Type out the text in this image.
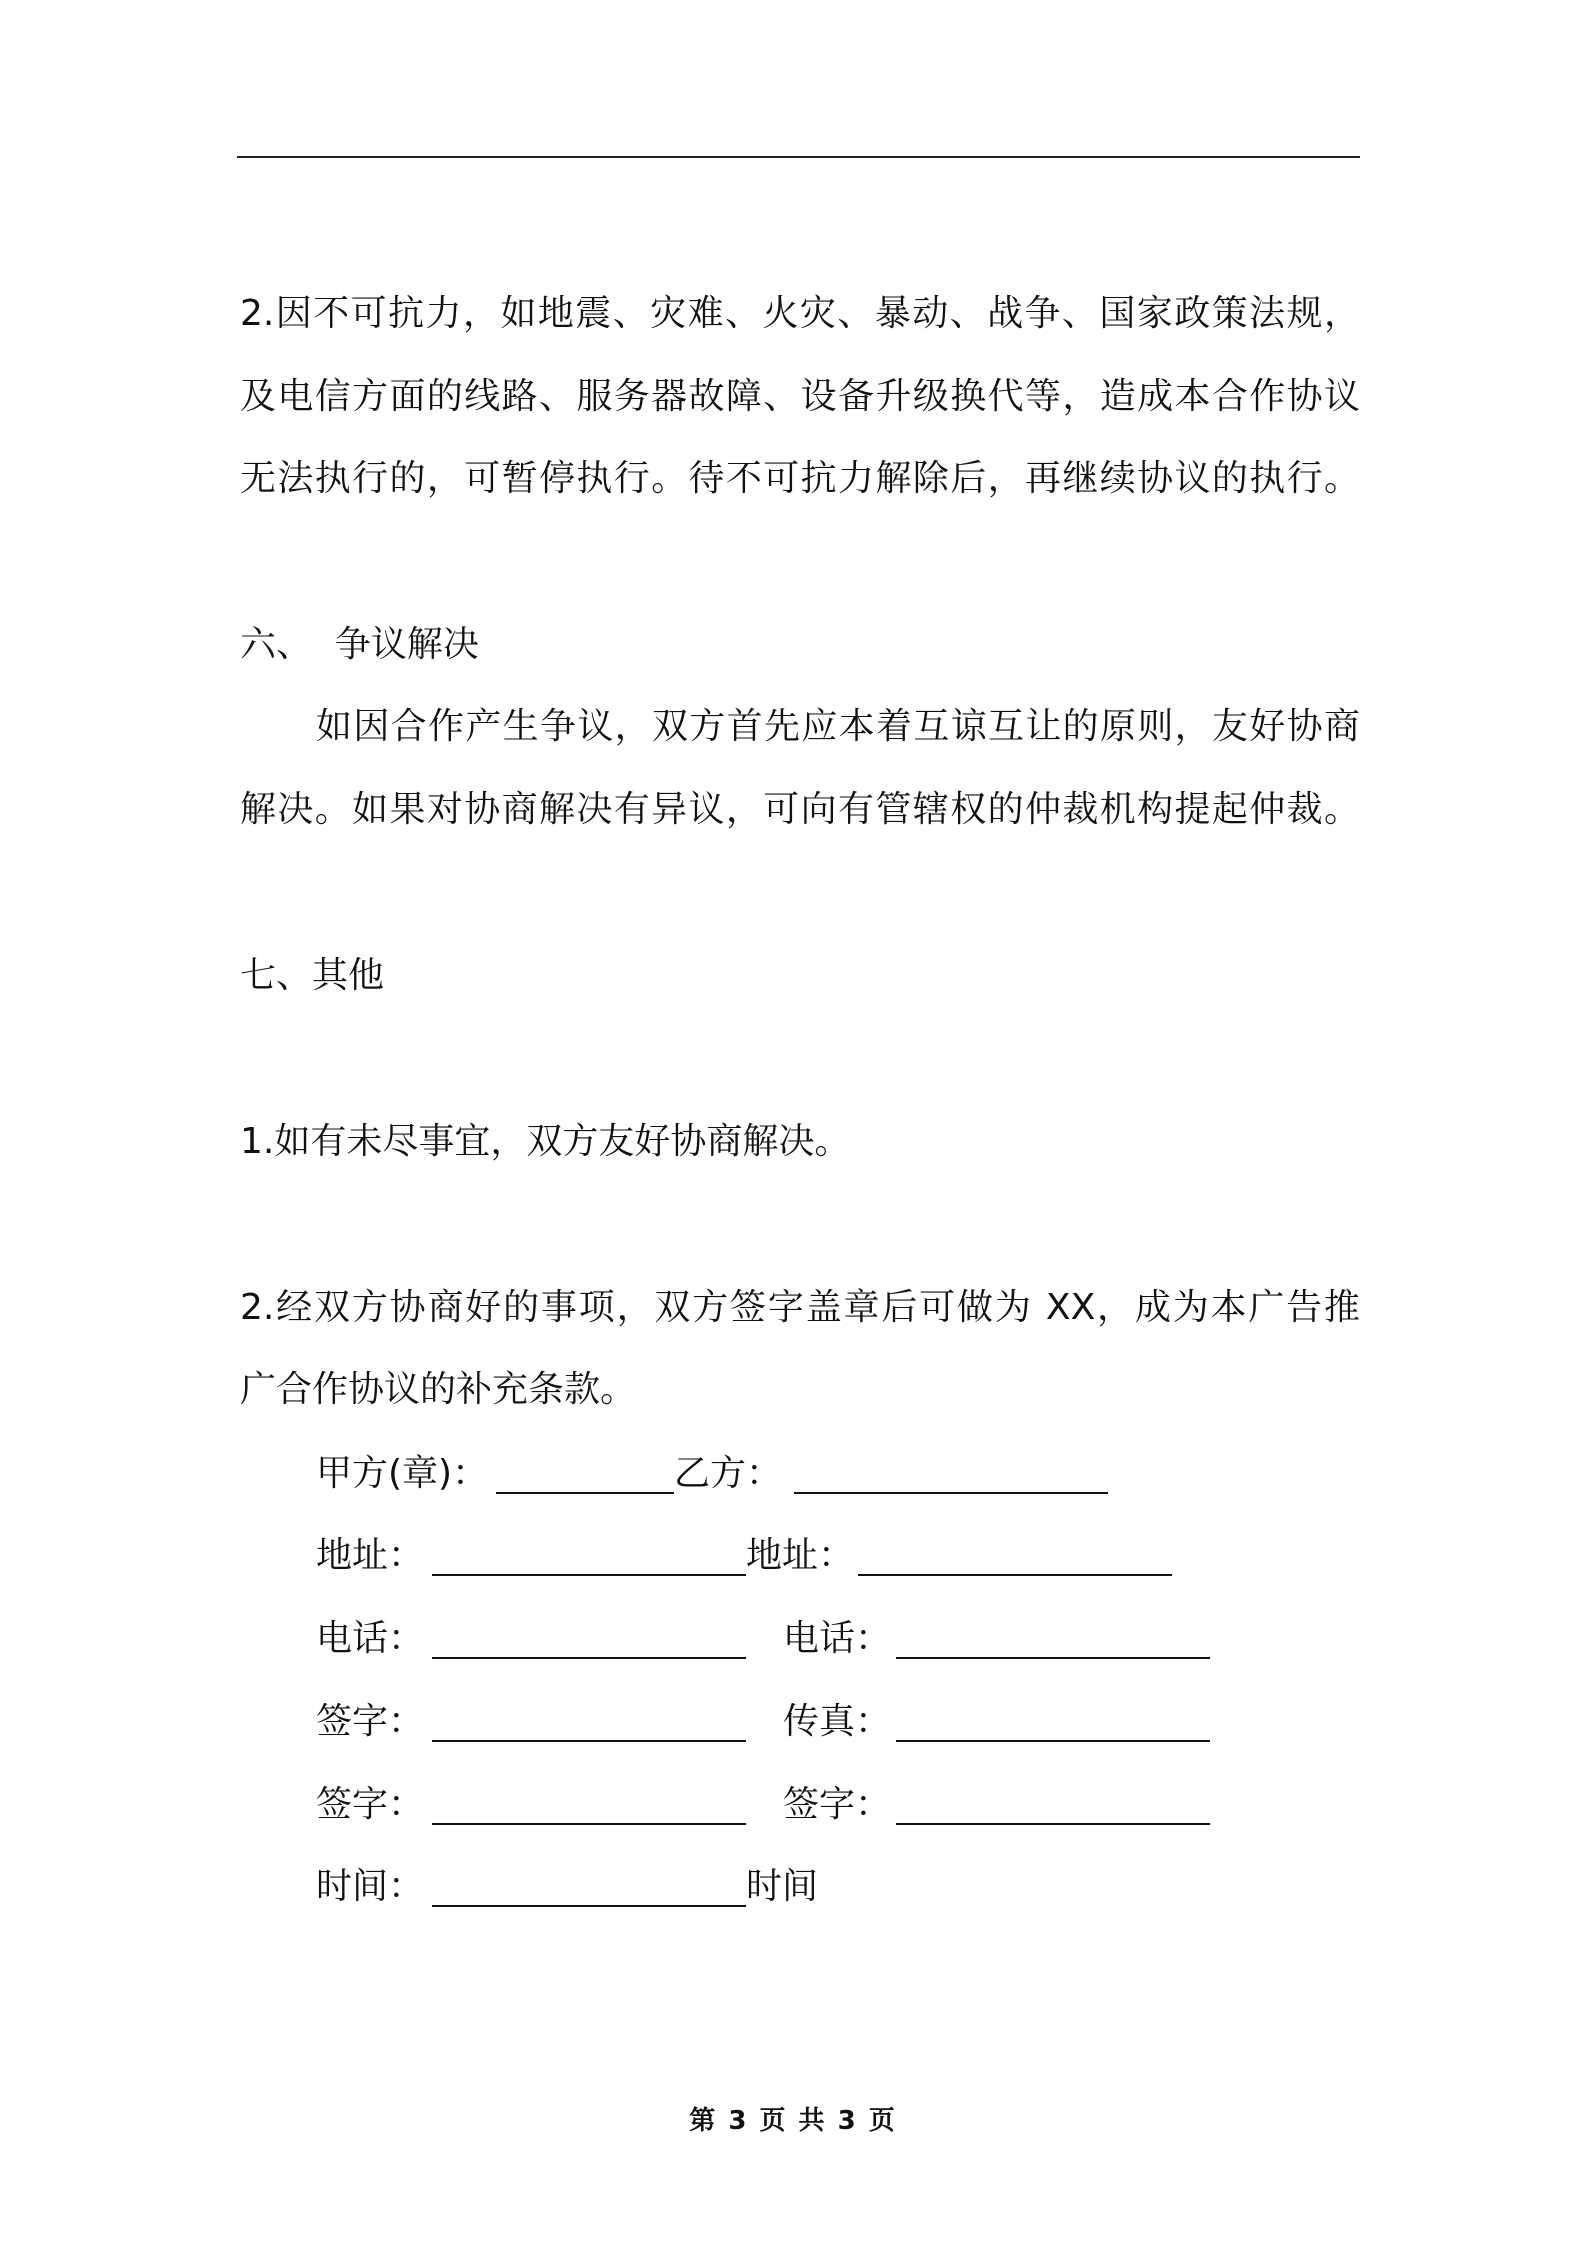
2.因不可抗力，如地震、灾难、火灾、暴动、战争、国家政策法规，
及电信方面的线路、服务器故障、设备升级换代等，造成本合作协议
无法执行的，可暂停执行。待不可抗力解除后，再继续协议的执行。
六、  争议解决
如因合作产生争议，双方首先应本着互谅互让的原则，友好协商
解决。如果对协商解决有异议，可向有管辖权的仲裁机构提起仲裁。
七、其他
1.如有未尽事宜，双方友好协商解决。
2.经双方协商好的事项，双方签字盖章后可做为 XX，成为本广告推
广合作协议的补充条款。
甲方(章)：	乙方：
地址：	地址：
电话：	电话：
签字：	传真：
签字：	签字：
时间：	时间
第 3 页 共 3 页
